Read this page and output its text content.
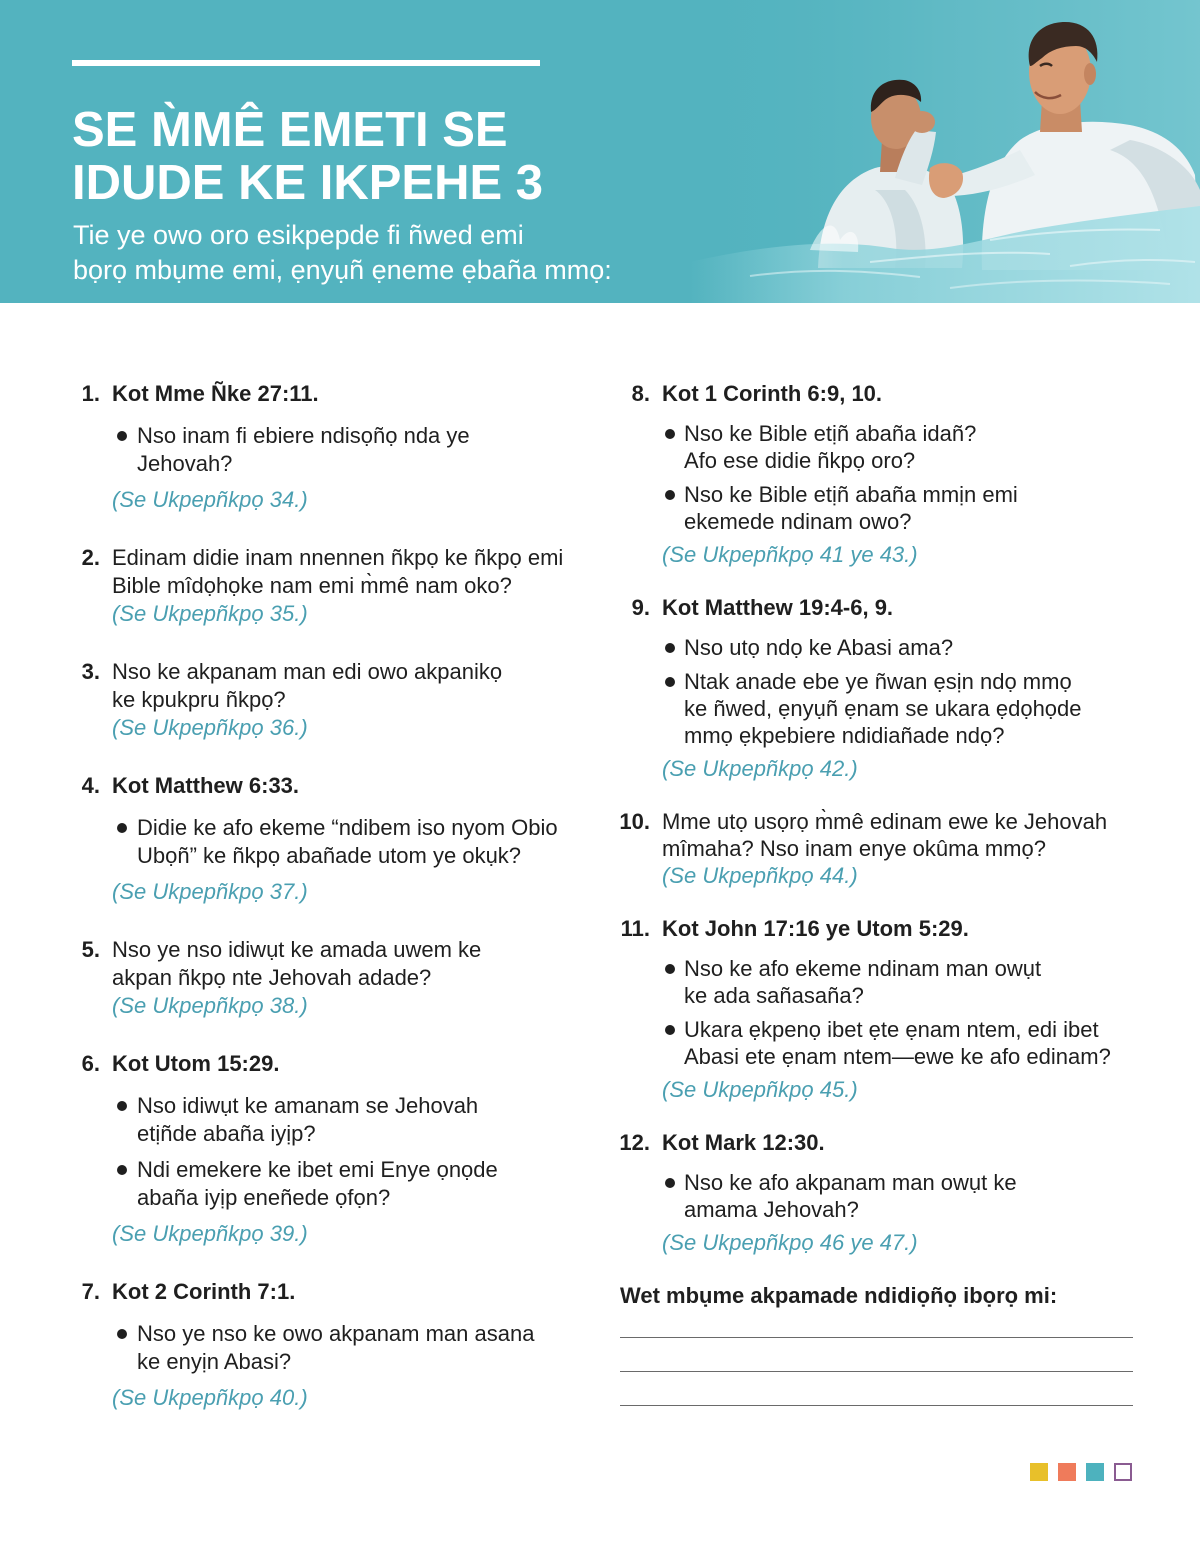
SE M̀MÊ EMETI SE
IDUDE KE IKPEHE 3

Tie ye owo oro esikpepde fi ñwed emi
bọrọ mbụme emi, ẹnyụñ ẹneme ẹbaña mmọ:

1. Kot Mme Ñke 27:11.
Nso inam fi ebiere ndisọñọ nda ye
Jehovah?
(Se Ukpepñkpọ 34.)
2. Edinam didie inam nnennen ñkpọ ke ñkpọ emi
Bible mîdọhọke nam emi m̀mê nam oko?
(Se Ukpepñkpọ 35.)
3. Nso ke akpanam man edi owo akpanikọ
ke kpukpru ñkpọ?
(Se Ukpepñkpọ 36.)
4. Kot Matthew 6:33.
Didie ke afo ekeme “ndibem iso nyom Obio
Ubọñ” ke ñkpọ abañade utom ye okụk?
(Se Ukpepñkpọ 37.)
5. Nso ye nso idiwụt ke amada uwem ke
akpan ñkpọ nte Jehovah adade?
(Se Ukpepñkpọ 38.)
6. Kot Utom 15:29.
Nso idiwụt ke amanam se Jehovah
etịñde abaña iyịp?
Ndi emekere ke ibet emi Enye ọnọde
abaña iyịp eneñede ọfọn?
(Se Ukpepñkpọ 39.)
7. Kot 2 Corinth 7:1.
Nso ye nso ke owo akpanam man asana
ke enyịn Abasi?
(Se Ukpepñkpọ 40.)
8. Kot 1 Corinth 6:9, 10.
Nso ke Bible etịñ abaña idañ?
Afo ese didie ñkpọ oro?
Nso ke Bible etịñ abaña mmịn emi
ekemede ndinam owo?
(Se Ukpepñkpọ 41 ye 43.)
9. Kot Matthew 19:4-6, 9.
Nso utọ ndọ ke Abasi ama?
Ntak anade ebe ye ñwan ẹsịn ndọ mmọ
ke ñwed, ẹnyụñ ẹnam se ukara ẹdọhọde
mmọ ẹkpebiere ndidiañade ndọ?
(Se Ukpepñkpọ 42.)
10. Mme utọ usọrọ m̀mê edinam ewe ke Jehovah
mîmaha? Nso inam enye okûma mmọ?
(Se Ukpepñkpọ 44.)
11. Kot John 17:16 ye Utom 5:29.
Nso ke afo ekeme ndinam man owụt
ke ada sañasaña?
Ukara ẹkpenọ ibet ẹte ẹnam ntem, edi ibet
Abasi ete ẹnam ntem—ewe ke afo edinam?
(Se Ukpepñkpọ 45.)
12. Kot Mark 12:30.
Nso ke afo akpanam man owụt ke
amama Jehovah?
(Se Ukpepñkpọ 46 ye 47.)
Wet mbụme akpamade ndidiọñọ ibọrọ mi:
